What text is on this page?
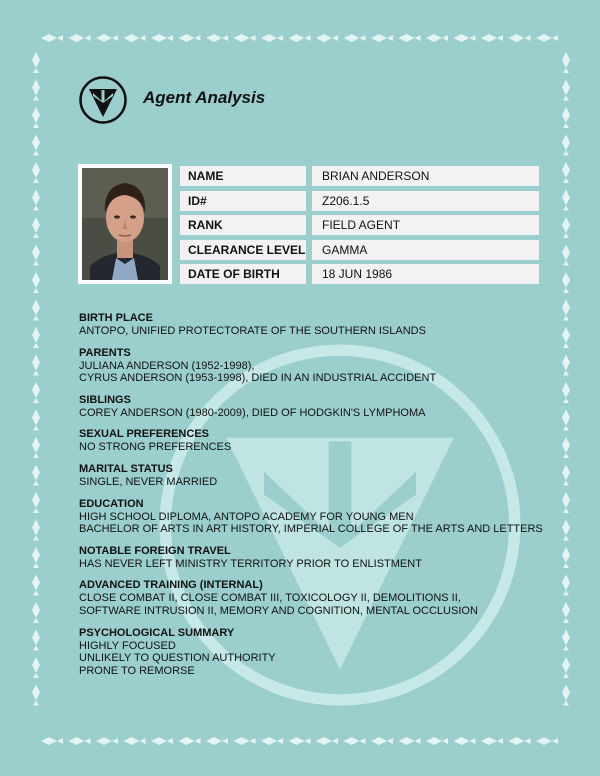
Agent Analysis
NAME	BRIAN ANDERSON
ID#	Z206.1.5
RANK	FIELD AGENT
CLEARANCE LEVEL	GAMMA
DATE OF BIRTH	18 JUN 1986
BIRTH PLACE
ANTOPO, UNIFIED PROTECTORATE OF THE SOUTHERN ISLANDS
PARENTS
JULIANA ANDERSON (1952-1998),
CYRUS ANDERSON (1953-1998), DIED IN AN INDUSTRIAL ACCIDENT
SIBLINGS
COREY ANDERSON (1980-2009), DIED OF HODGKIN'S LYMPHOMA
SEXUAL PREFERENCES
NO STRONG PREFERENCES
MARITAL STATUS
SINGLE, NEVER MARRIED
EDUCATION
HIGH SCHOOL DIPLOMA, ANTOPO ACADEMY FOR YOUNG MEN
BACHELOR OF ARTS IN ART HISTORY, IMPERIAL COLLEGE OF THE ARTS AND LETTERS
NOTABLE FOREIGN TRAVEL
HAS NEVER LEFT MINISTRY TERRITORY PRIOR TO ENLISTMENT
ADVANCED TRAINING (INTERNAL)
CLOSE COMBAT II, CLOSE COMBAT III, TOXICOLOGY II, DEMOLITIONS II,
SOFTWARE INTRUSION II, MEMORY AND COGNITION, MENTAL OCCLUSION
PSYCHOLOGICAL SUMMARY
HIGHLY FOCUSED
UNLIKELY TO QUESTION AUTHORITY
PRONE TO REMORSE
